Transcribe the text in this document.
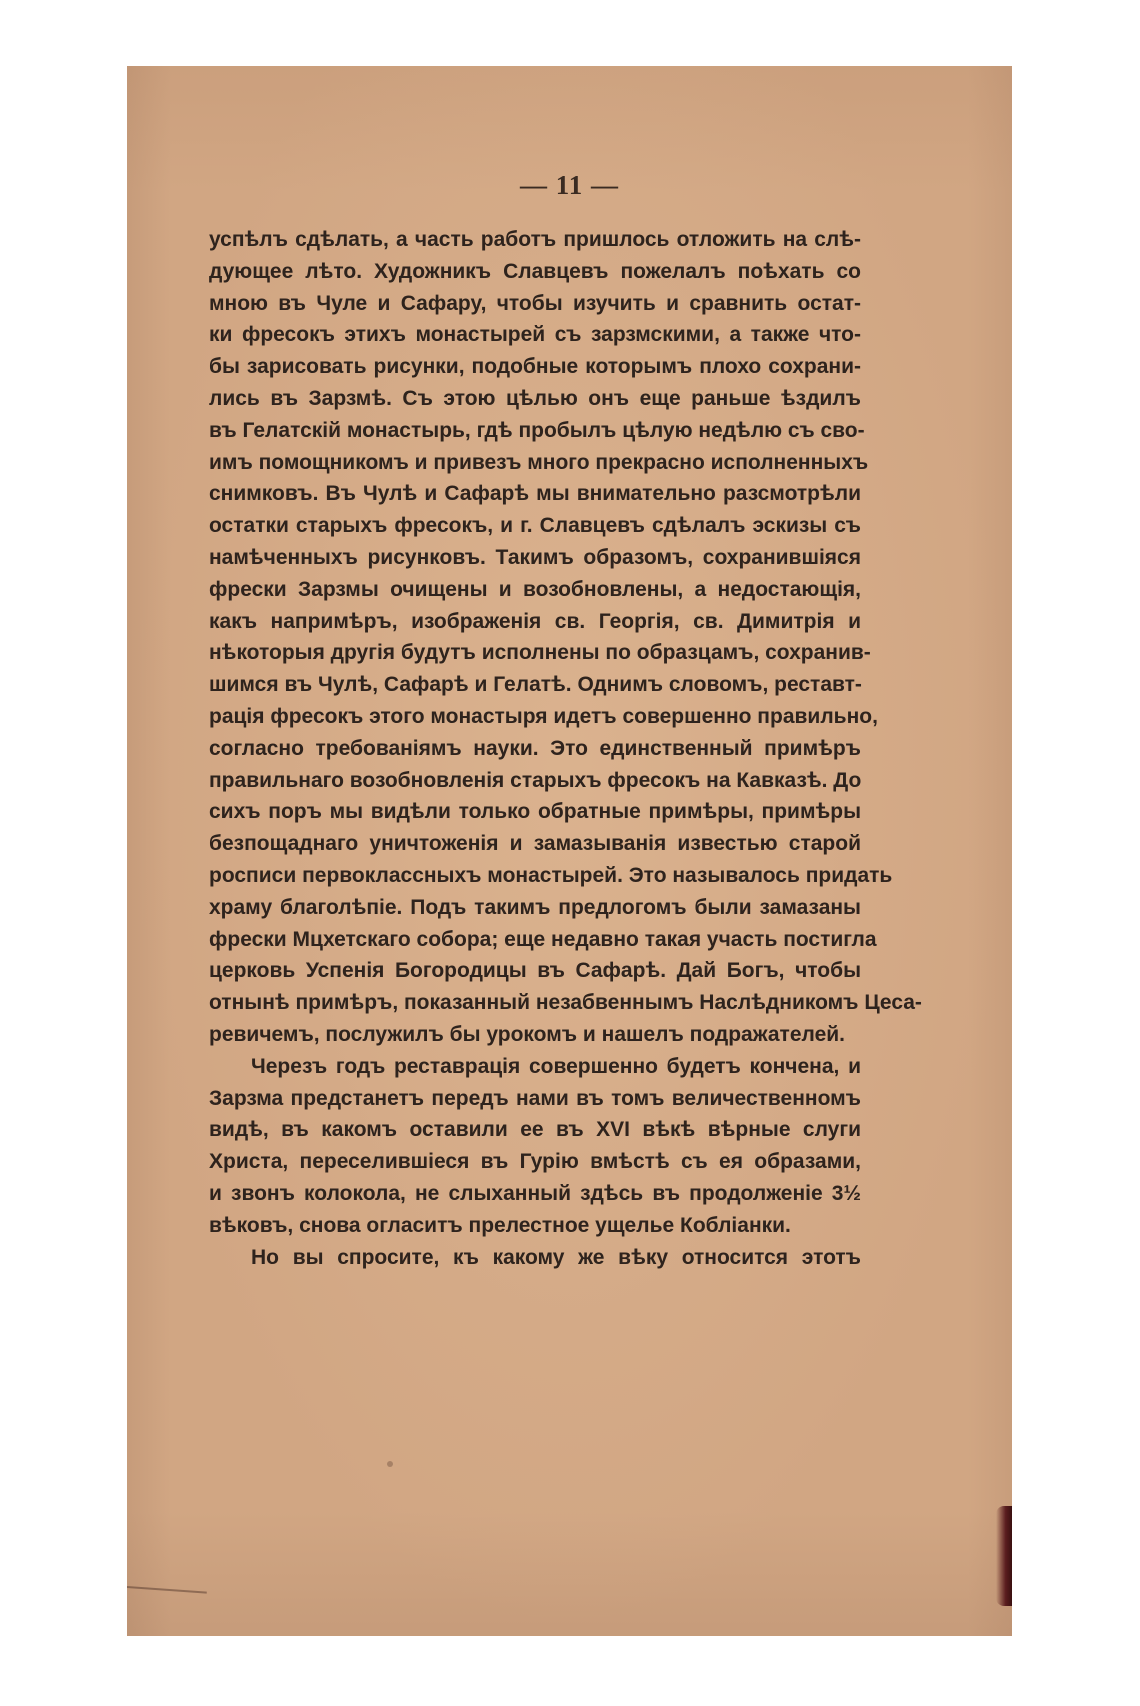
— 11 —
успѣлъ сдѣлать, а часть работъ пришлось отложить на слѣ-
дующее лѣто. Художникъ Славцевъ пожелалъ поѣхать со
мною въ Чуле и Сафару, чтобы изучить и сравнить остат-
ки фресокъ этихъ монастырей съ зарзмскими, а также что-
бы зарисовать рисунки, подобные которымъ плохо сохрани-
лись въ Зарзмѣ. Съ этою цѣлью онъ еще раньше ѣздилъ
въ Гелатскій монастырь, гдѣ пробылъ цѣлую недѣлю съ сво-
имъ помощникомъ и привезъ много прекрасно исполненныхъ
снимковъ. Въ Чулѣ и Сафарѣ мы внимательно разсмотрѣли
остатки старыхъ фресокъ, и г. Славцевъ сдѣлалъ эскизы съ
намѣченныхъ рисунковъ. Такимъ образомъ, сохранившіяся
фрески Зарзмы очищены и возобновлены, а недостающія,
какъ напримѣръ, изображенія св. Георгія, св. Димитрія и
нѣкоторыя другія будутъ исполнены по образцамъ, сохранив-
шимся въ Чулѣ, Сафарѣ и Гелатѣ. Однимъ словомъ, реставт-
рація фресокъ этого монастыря идетъ совершенно правильно,
согласно требованіямъ науки. Это единственный примѣръ
правильнаго возобновленія старыхъ фресокъ на Кавказѣ. До
сихъ поръ мы видѣли только обратные примѣры, примѣры
безпощаднаго уничтоженія и замазыванія известью старой
росписи первоклассныхъ монастырей. Это называлось придать
храму благолѣпіе. Подъ такимъ предлогомъ были замазаны
фрески Мцхетскаго собора; еще недавно такая участь постигла
церковь Успенія Богородицы въ Сафарѣ. Дай Богъ, чтобы
отнынѣ примѣръ, показанный незабвеннымъ Наслѣдникомъ Цеса-
ревичемъ, послужилъ бы урокомъ и нашелъ подражателей.
Черезъ годъ реставрація совершенно будетъ кончена, и
Зарзма предстанетъ передъ нами въ томъ величественномъ
видѣ, въ какомъ оставили ее въ XVI вѣкѣ вѣрные слуги
Христа, переселившіеся въ Гурію вмѣстѣ съ ея образами,
и звонъ колокола, не слыханный здѣсь въ продолженіе 3½
вѣковъ, снова огласитъ прелестное ущелье Кобліанки.
Но вы спросите, къ какому же вѣку относится этотъ
